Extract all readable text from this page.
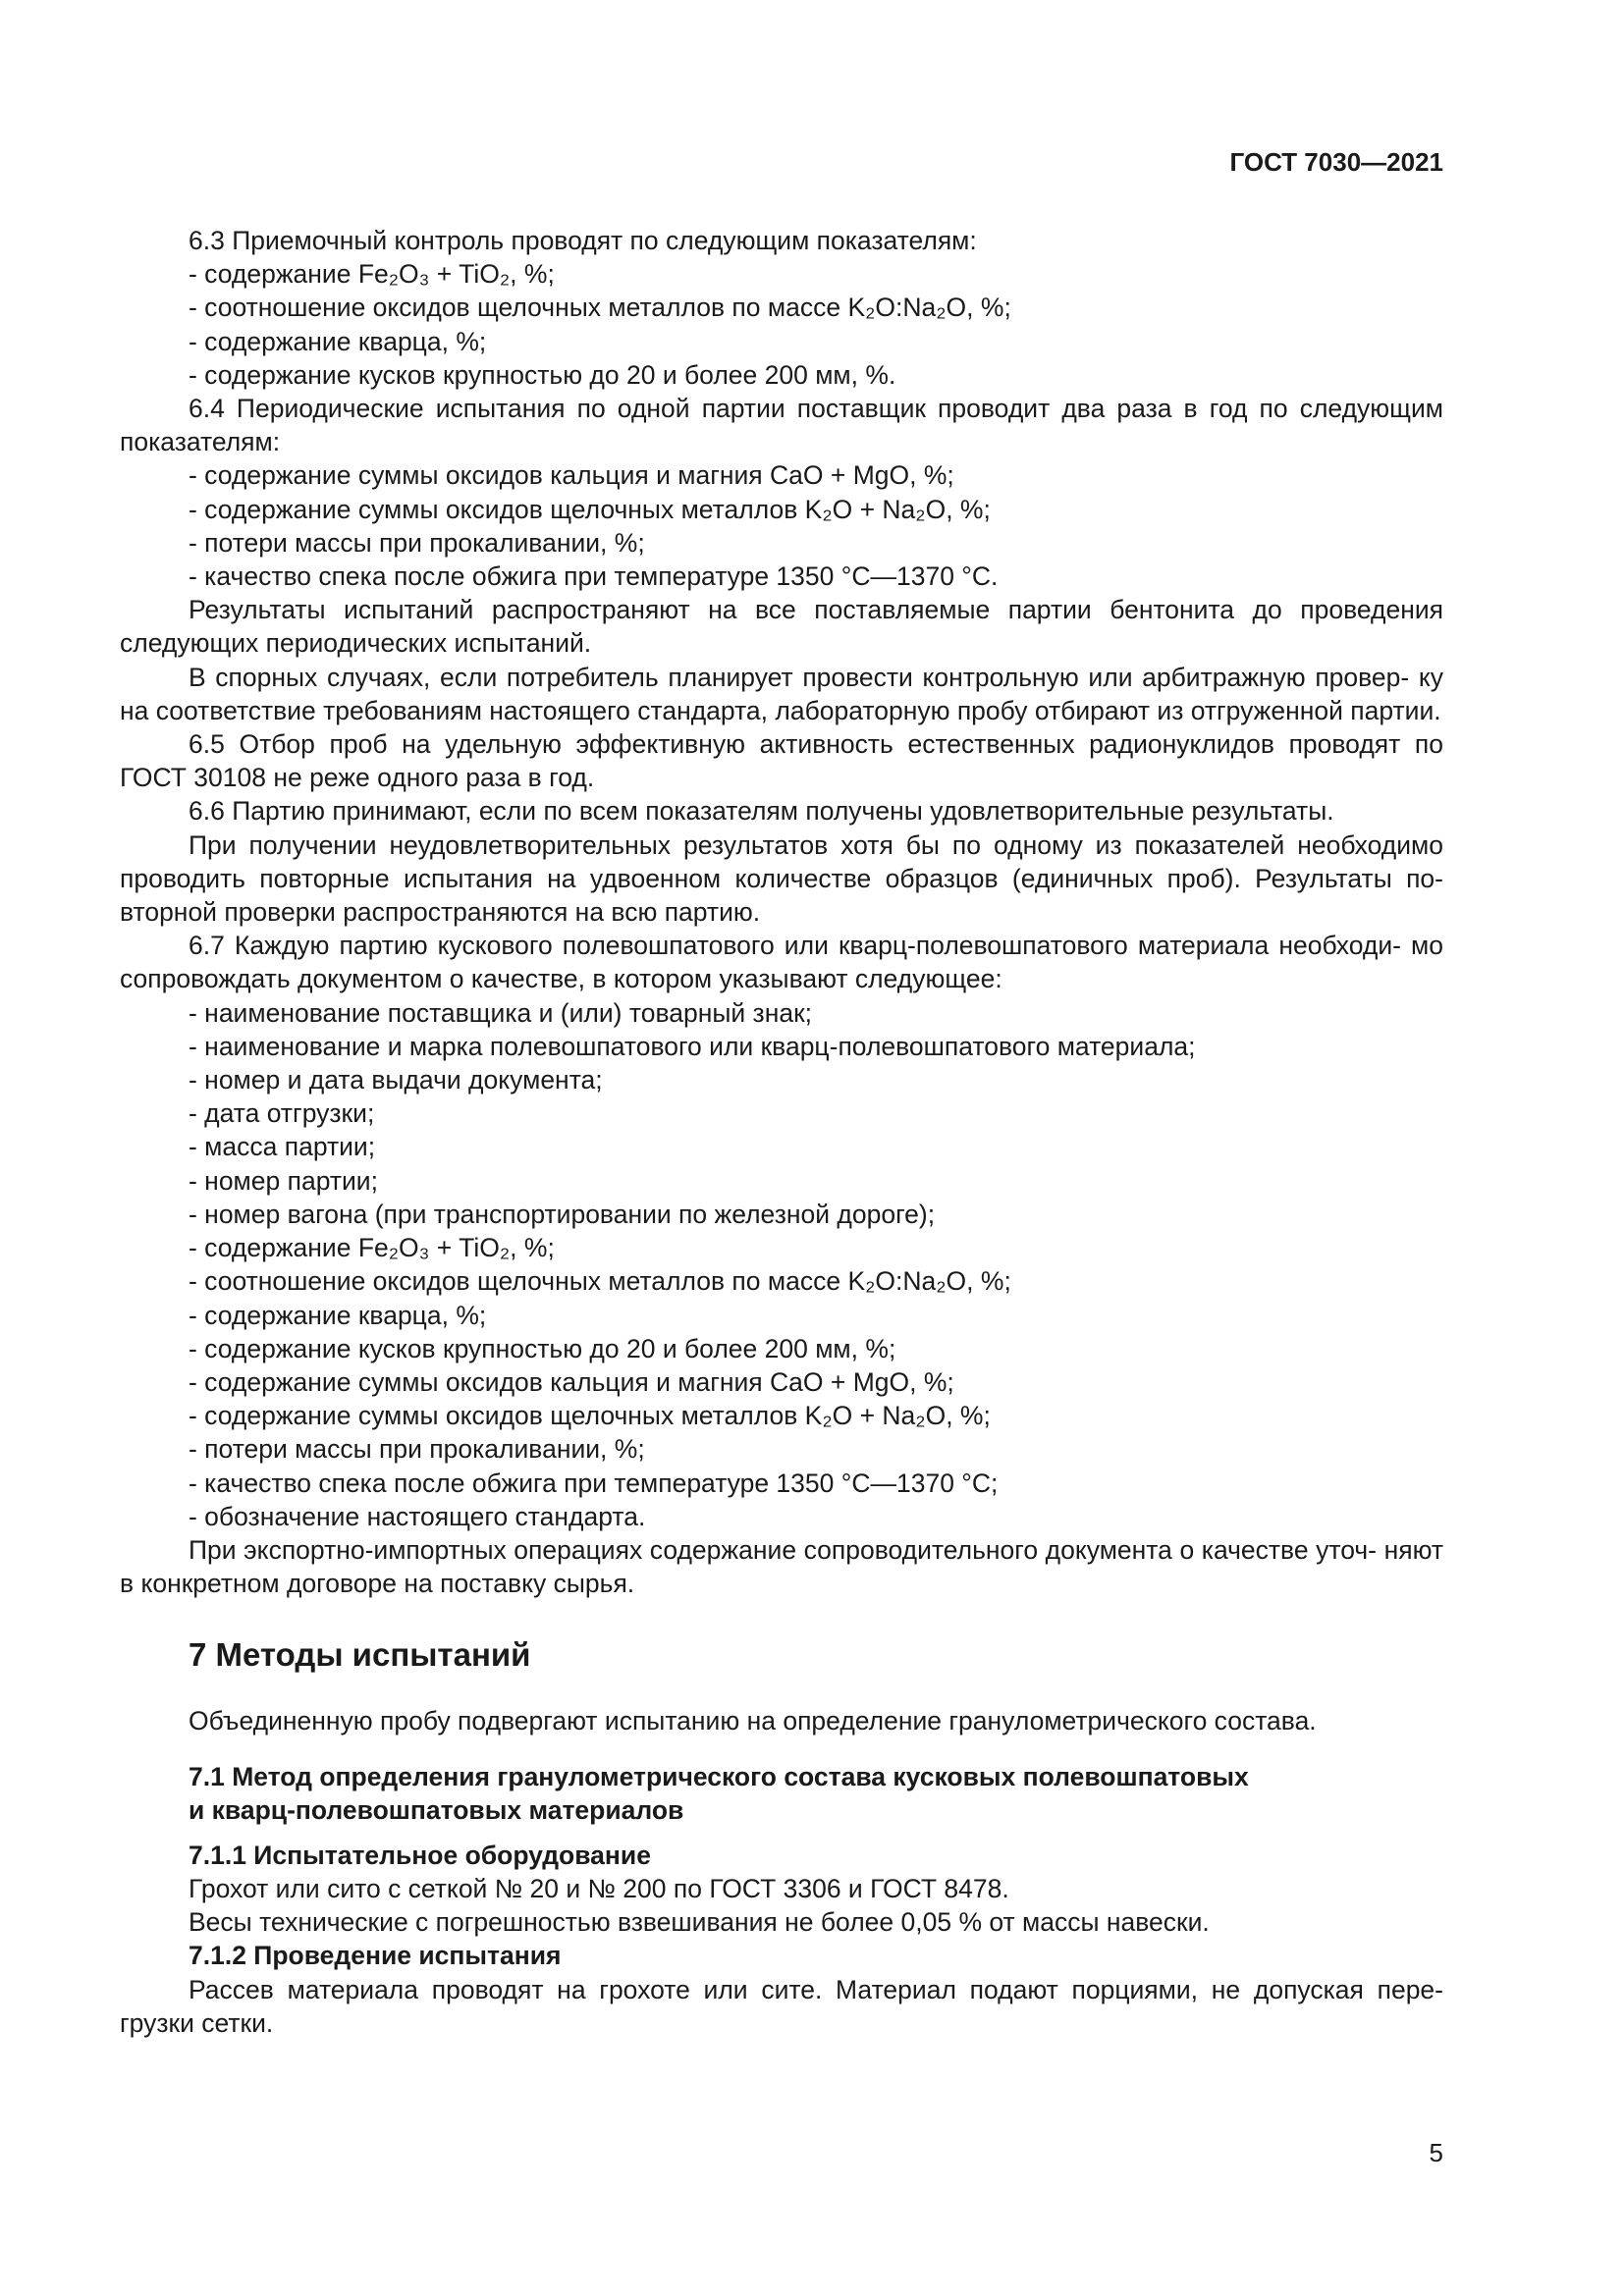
ГОСТ 7030—2021

6.3 Приемочный контроль проводят по следующим показателям:

- содержание Fe₂O₃ + TiO₂, %;

- соотношение оксидов щелочных металлов по массе K₂O:Na₂O, %;

- содержание кварца, %;

- содержание кусков крупностью до 20 и более 200 мм, %.

6.4 Периодические испытания по одной партии поставщик проводит два раза в год по следующим показателям:

- содержание суммы оксидов кальция и магния CaO + MgO, %;

- содержание суммы оксидов щелочных металлов K₂O + Na₂O, %;

- потери массы при прокаливании, %;

- качество спека после обжига при температуре 1350 °С—1370 °С.

Результаты испытаний распространяют на все поставляемые партии бентонита до проведения следующих периодических испытаний.

В спорных случаях, если потребитель планирует провести контрольную или арбитражную провер- ку на соответствие требованиям настоящего стандарта, лабораторную пробу отбирают из отгруженной партии.

6.5 Отбор проб на удельную эффективную активность естественных радионуклидов проводят по ГОСТ 30108 не реже одного раза в год.

6.6 Партию принимают, если по всем показателям получены удовлетворительные результаты.

При получении неудовлетворительных результатов хотя бы по одному из показателей необходимо проводить повторные испытания на удвоенном количестве образцов (единичных проб). Результаты по- вторной проверки распространяются на всю партию.

6.7 Каждую партию кускового полевошпатового или кварц-полевошпатового материала необходи- мо сопровождать документом о качестве, в котором указывают следующее:

- наименование поставщика и (или) товарный знак;

- наименование и марка полевошпатового или кварц-полевошпатового материала;

- номер и дата выдачи документа;

- дата отгрузки;

- масса партии;

- номер партии;

- номер вагона (при транспортировании по железной дороге);

- содержание Fe₂O₃ + TiO₂, %;

- соотношение оксидов щелочных металлов по массе K₂O:Na₂O, %;

- содержание кварца, %;

- содержание кусков крупностью до 20 и более 200 мм, %;

- содержание суммы оксидов кальция и магния CaO + MgO, %;

- содержание суммы оксидов щелочных металлов K₂O + Na₂O, %;

- потери массы при прокаливании, %;

- качество спека после обжига при температуре 1350 °С—1370 °С;

- обозначение настоящего стандарта.

При экспортно-импортных операциях содержание сопроводительного документа о качестве уточ- няют в конкретном договоре на поставку сырья.

7 Методы испытаний

Объединенную пробу подвергают испытанию на определение гранулометрического состава.

7.1 Метод определения гранулометрического состава кусковых полевошпатовых

и кварц-полевошпатовых материалов

7.1.1 Испытательное оборудование

Грохот или сито с сеткой № 20 и № 200 по ГОСТ 3306 и ГОСТ 8478.

Весы технические с погрешностью взвешивания не более 0,05 % от массы навески.

7.1.2 Проведение испытания

Рассев материала проводят на грохоте или сите. Материал подают порциями, не допуская пере- грузки сетки.

5
